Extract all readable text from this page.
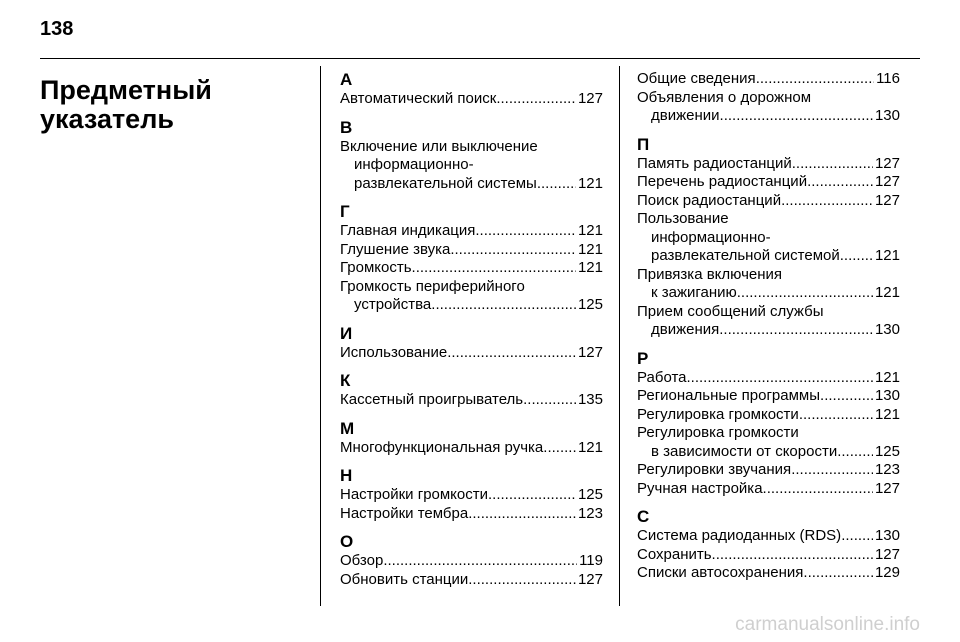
138
Предметный
указатель
А
Автоматический поиск .....	127
В
Включение или выключение
информационно-
развлекательной системы .....	121
Г
Главная индикация .....	121
Глушение звука .....	121
Громкость .....	121
Громкость периферийного
устройства .....	125
И
Использование .....	127
К
Кассетный проигрыватель .....	135
М
Многофункциональная ручка ..... 121
Н
Настройки громкости .....	125
Настройки тембра .....	123
О
Обзор .....	119
Обновить станции .....	127
Общие сведения .....	116
Объявления о дорожном
движении .....	130
П
Память радиостанций .....	127
Перечень радиостанций .....	127
Поиск радиостанций .....	127
Пользование
информационно-
развлекательной системой ..... 121
Привязка включения
к зажиганию .....	121
Прием сообщений службы
движения .....	130
Р
Работа .....	121
Региональные программы .....	130
Регулировка громкости .....	121
Регулировка громкости
в зависимости от скорости .....	125
Регулировки звучания .....	123
Ручная настройка .....	127
С
Система радиоданных (RDS) ..... 130
Сохранить .....	127
Списки автосохранения .....	129
carmanualsonline.info
